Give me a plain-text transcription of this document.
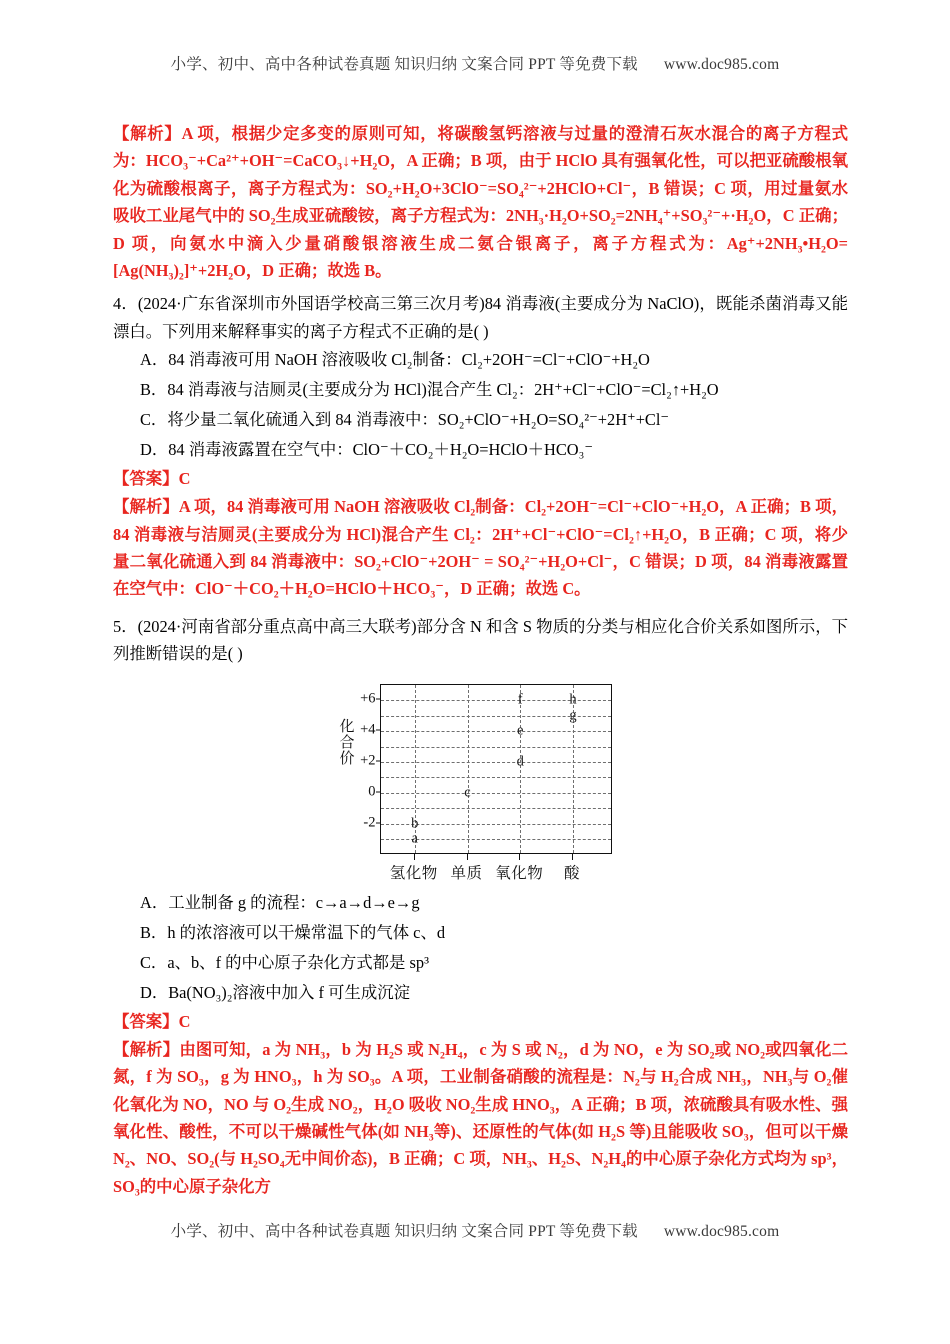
小学、初中、高中各种试卷真题 知识归纳 文案合同 PPT 等免费下载 www.doc985.com

【解析】A 项，根据少定多变的原则可知，将碳酸氢钙溶液与过量的澄清石灰水混合的离子方程式为：HCO₃⁻+Ca²⁺+OH⁻=CaCO₃↓+H₂O，A 正确；B 项，由于 HClO 具有强氧化性，可以把亚硫酸根氧化为硫酸根离子，离子方程式为：SO₂+H₂O+3ClO⁻=SO₄²⁻+2HClO+Cl⁻，B 错误；C 项，用过量氨水吸收工业尾气中的 SO₂生成亚硫酸铵，离子方程式为：2NH₃·H₂O+SO₂=2NH₄⁺+SO₃²⁻+·H₂O，C 正确；D 项，向氨水中滴入少量硝酸银溶液生成二氨合银离子，离子方程式为：Ag⁺+2NH₃•H₂O=[Ag(NH₃)₂]⁺+2H₂O，D 正确；故选 B。

4．(2024·广东省深圳市外国语学校高三第三次月考)84 消毒液(主要成分为 NaClO)，既能杀菌消毒又能漂白。下列用来解释事实的离子方程式不正确的是( )

A．84 消毒液可用 NaOH 溶液吸收 Cl₂制备：Cl₂+2OH⁻=Cl⁻+ClO⁻+H₂O

B．84 消毒液与洁厕灵(主要成分为 HCl)混合产生 Cl₂：2H⁺+Cl⁻+ClO⁻=Cl₂↑+H₂O

C．将少量二氧化硫通入到 84 消毒液中：SO₂+ClO⁻+H₂O=SO₄²⁻+2H⁺+Cl⁻

D．84 消毒液露置在空气中：ClO⁻＋CO₂＋H₂O=HClO＋HCO₃⁻

【答案】C

【解析】A 项，84 消毒液可用 NaOH 溶液吸收 Cl₂制备：Cl₂+2OH⁻=Cl⁻+ClO⁻+H₂O，A 正确；B 项，84 消毒液与洁厕灵(主要成分为 HCl)混合产生 Cl₂：2H⁺+Cl⁻+ClO⁻=Cl₂↑+H₂O，B 正确；C 项，将少量二氧化硫通入到 84 消毒液中：SO₂+ClO⁻+2OH⁻ = SO₄²⁻+H₂O+Cl⁻，C 错误；D 项，84 消毒液露置在空气中：ClO⁻＋CO₂＋H₂O=HClO＋HCO₃⁻，D 正确；故选 C。

5．(2024·河南省部分重点高中高三大联考)部分含 N 和含 S 物质的分类与相应化合价关系如图所示，下列推断错误的是( )

化合价
a
b
c
d
e
f
g
h
+6
+4
+2
0
-2
氢化物 单质 氧化物	酸

A．工业制备 g 的流程：c→a→d→e→g

B．h 的浓溶液可以干燥常温下的气体 c、d

C．a、b、f 的中心原子杂化方式都是 sp³

D．Ba(NO₃)₂溶液中加入 f 可生成沉淀

【答案】C

【解析】由图可知，a 为 NH₃，b 为 H₂S 或 N₂H₄，c 为 S 或 N₂，d 为 NO，e 为 SO₂或 NO₂或四氧化二氮，f 为 SO₃，g 为 HNO₃，h 为 SO₃。A 项，工业制备硝酸的流程是：N₂与 H₂合成 NH₃，NH₃与 O₂催化氧化为 NO，NO 与 O₂生成 NO₂，H₂O 吸收 NO₂生成 HNO₃，A 正确；B 项，浓硫酸具有吸水性、强氧化性、酸性，不可以干燥碱性气体(如 NH₃等)、还原性的气体(如 H₂S 等)且能吸收 SO₃，但可以干燥 N₂、NO、SO₂(与 H₂SO₄无中间价态)，B 正确；C 项，NH₃、H₂S、N₂H₄的中心原子杂化方式均为 sp³，SO₃的中心原子杂化方

小学、初中、高中各种试卷真题 知识归纳 文案合同 PPT 等免费下载 www.doc985.com
